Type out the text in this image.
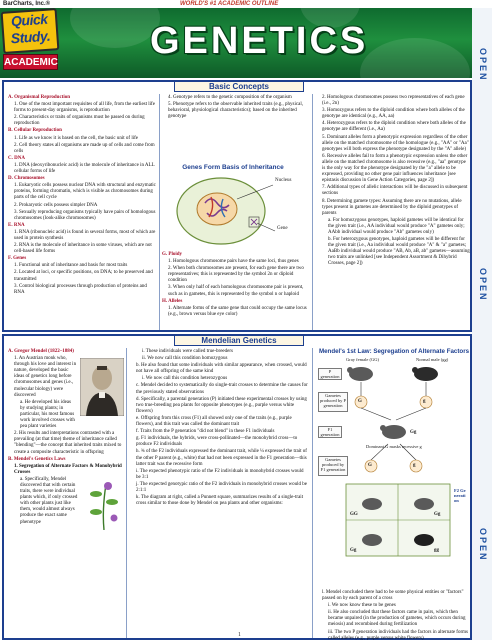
BarCharts, Inc.®	WORLD'S #1 ACADEMIC OUTLINE
Quick
Study.
ACADEMIC
GENETICS
OPEN
OPEN
OPEN
Basic Concepts

A. Organismal Reproduction

1. One of the most important requisites of all life, from the earliest life forms to present-day organisms, is reproduction

2. Characteristics or traits of organisms must be passed on during reproduction

B. Cellular Reproduction

1. Life as we know it is based on the cell, the basic unit of life

2. Cell theory states all organisms are made up of cells and come from cells

C. DNA

1. DNA (deoxyribonucleic acid) is the molecule of inheritance in ALL cellular forms of life

D. Chromosomes

1. Eukaryotic cells possess nuclear DNA with structural and enzymatic proteins, forming chromatin, which is visible as chromosomes during parts of the cell cycle

2. Prokaryotic cells possess simpler DNA

3. Sexually reproducing organisms typically have pairs of homologous chromosomes (look-alike chromosomes)

E. RNA

1. RNA (ribonucleic acid) is found in several forms, most of which are used in protein synthesis

2. RNA is the molecule of inheritance in some viruses, which are not cell-based life forms

F. Genes

1. Functional unit of inheritance and basis for most traits

2. Located at loci, or specific positions, on DNA; to be preserved and transmitted

3. Control biological processes through production of proteins and RNA

4. Genotype refers to the genetic composition of the organism

5. Phenotype refers to the observable inherited traits (e.g., physical, behavioral, physiological characteristics); based on the inherited genotype

Genes Form Basis of Inheritance
Nucleus
Gene

G. Ploidy

1. Homologous chromosome pairs have the same loci, thus genes

2. When both chromosomes are present, for each gene there are two representatives; this is represented by the symbol 2n or diploid condition

3. When only half of each homologous chromosome pair is present, such as in gametes, this is represented by the symbol n or haploid

H. Alleles

1. Alternate forms of the same gene that could occupy the same locus (e.g., brown versus blue eye color)

2. Homologous chromosomes possess two representatives of each gene (i.e., 2n)

3. Homozygous refers to the diploid condition where both alleles of the genotype are identical (e.g., AA, aa)

4. Heterozygous refers to the diploid condition where both alleles of the genotype are different (i.e., Aa)

5. Dominant alleles form a phenotypic expression regardless of the other allele on the matched chromosome of the homologue (e.g., "AA" or "Aa" genotypes will both express the phenotype designated by the "A" allele)

6. Recessive alleles fail to form a phenotypic expression unless the other allele on the matched chromosome is also recessive (e.g., "aa" genotype is the only way for the phenotype designated by the "a" allele to be expressed, providing no other gene pair influences inheritance [see epistasis discussion in Gene Action Categories, page 2])

7. Additional types of allelic interactions will be discussed in subsequent sections

8. Determining gamete types: Assuming there are no mutations, allele types present in gametes are determined by the diploid genotypes of parents

a. For homozygous genotypes, haploid gametes will be identical for the given trait (i.e., AA individual would produce "A" gametes only; AAbb individual would produce "Ab" gametes only)

b. For heterozygous genotypes, haploid gametes will be different for the given trait (i.e., Aa individual would produce "A" & "a" gametes; AaBb individual would produce "AB, Ab, aB, ab" gametes—assuming two traits are unlinked [see Independent Assortment & Dihybrid Crosses, page 2])

Mendelian Genetics

A. Gregor Mendel (1822–1884)

1. An Austrian monk who, through his love and interest in nature, developed the basic ideas of genetics long before chromosomes and genes (i.e., molecular biology) were discovered

a. He developed his ideas by studying plants; in particular, his most famous work involved crosses with pea plant varieties

2. His results and interpretations contrasted with a prevailing (at that time) theme of inheritance called "blending"—the concept that inherited traits mixed to create a composite characteristic in offspring

B. Mendel's Genetics Laws

1. Segregation of Alternate Factors & Monohybrid Crosses

a. Specifically, Mendel discovered that with certain traits, there were individual plants which, if only crossed with other plants just like them, would almost always produce the exact same phenotype

i. These individuals were called true-breeders

ii. We now call this condition homozygous

b. He also found that some individuals with similar appearance, when crossed, would not have all offspring of the same kind

i. We now call this condition heterozygous

c. Mendel decided to systematically do single-trait crosses to determine the causes for the previously stated observations

d. Specifically, a parental generation (P) initiated these experimental crosses by using two true-breeding pea plants for opposite phenotypes (e.g., purple versus white flowers)

e. Offspring from this cross (F1) all showed only one of the traits (e.g., purple flowers), and this trait was called the dominant trait

f. Traits from the P generation "did not blend" in these F1 individuals

g. F1 individuals, the hybrids, were cross-pollinated—the monohybrid cross—to produce F2 individuals

h. ¾ of the F2 individuals expressed the dominant trait, while ¼ expressed the trait of the other P parent (e.g., white) that had not been expressed in the F1 generation—this latter trait was the recessive form

i. The expected phenotypic ratio of the F2 individuals in monohybrid crosses would be 3:1

j. The expected genotypic ratio of the F2 individuals in monohybrid crosses would be 2:1:1

k. The diagram at right, called a Punnett square, summarizes results of a single-trait cross similar to those done by Mendel on pea plants and other organisms:

Mendel's 1st Law: Segregation of Alternate Factors
Gray female (GG)	Normal male (gg)
P generation
Gametes produced by P generation
G	g
F1 generation	Gg
Dominant G masks recessive g
Gametes produced by F1 generation
G	g
GG	Gg
Gg	gg
F2 Generation

l. Mendel concluded there had to be some physical entities or "factors" passed on by each parent of a cross

i. We now know these to be genes

ii. He also concluded that these factors came in pairs, which then became unpaired (in the production of gametes, which occurs during meiosis) and recombined during fertilization

iii. The two P generation individuals had the factors in alternate forms called alleles (e.g., purple versus white flowers)

1
